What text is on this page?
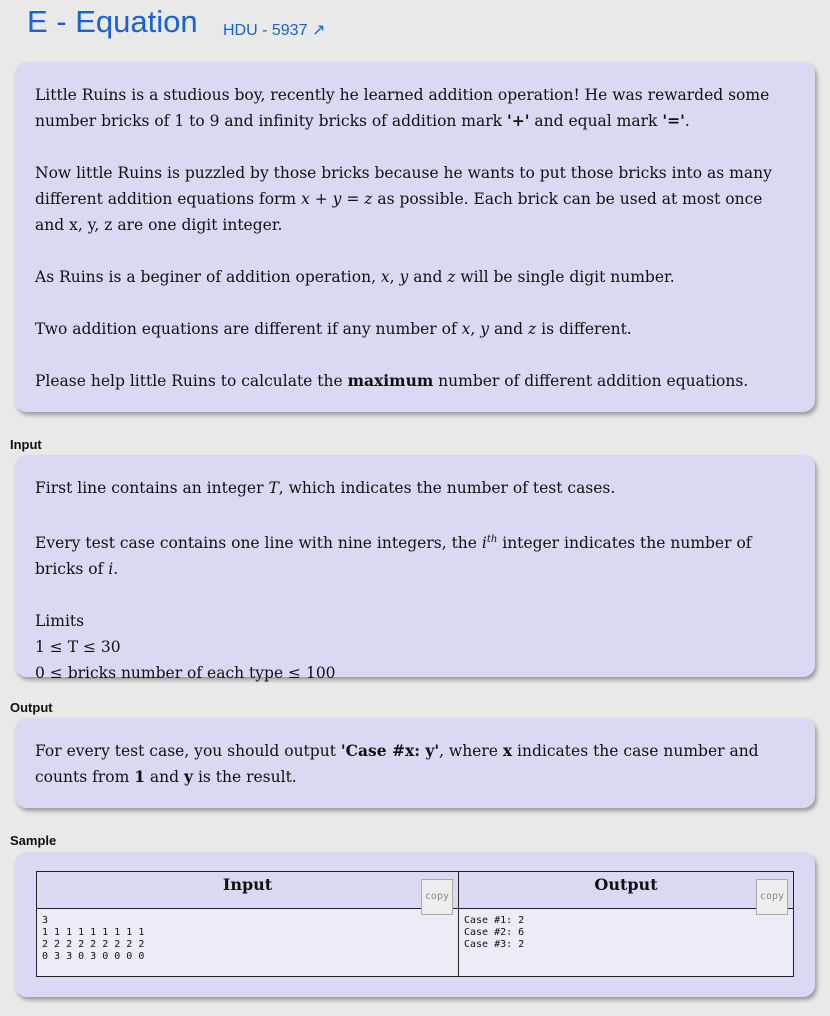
E - Equation HDU - 5937 ↗

Little Ruins is a studious boy, recently he learned addition operation! He was rewarded some number bricks of 1 to 9 and infinity bricks of addition mark '+' and equal mark '='.

Now little Ruins is puzzled by those bricks because he wants to put those bricks into as many different addition equations form x + y = z as possible. Each brick can be used at most once and x, y, z are one digit integer.

As Ruins is a beginer of addition operation, x, y and z will be single digit number.

Two addition equations are different if any number of x, y and z is different.

Please help little Ruins to calculate the maximum number of different addition equations.

Input

First line contains an integer T, which indicates the number of test cases.

Every test case contains one line with nine integers, the $i^{th}$ integer indicates the number of bricks of i.

Limits
1 ≤ T ≤ 30
0 ≤ bricks number of each type ≤ 100
Output

For every test case, you should output 'Case #x: y', where x indicates the case number and counts from 1 and y is the result.

Sample
Input
copy	Output
copy

3
1 1 1 1 1 1 1 1 1
2 2 2 2 2 2 2 2 2
0 3 3 0 3 0 0 0 0	Case #1: 2
Case #2: 6
Case #3: 2
